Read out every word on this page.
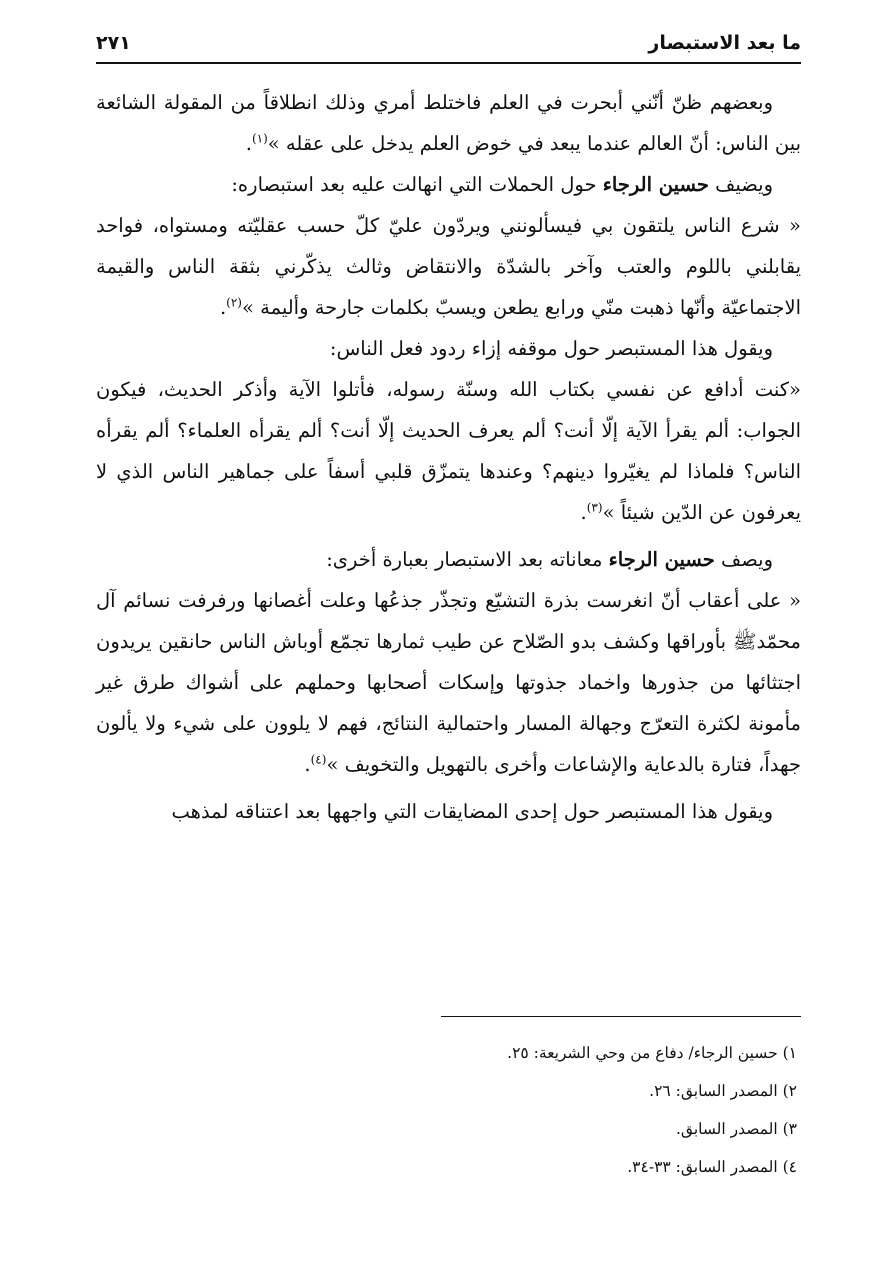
ما بعد الاستبصار
٢٧١

وبعضهم ظنّ أنّني أبحرت في العلم فاختلط أمري وذلك انطلاقاً من المقولة الشائعة بين الناس: أنّ العالم عندما يبعد في خوض العلم يدخل على عقله »$^{(١)}$.

ويضيف حسين الرجاء حول الحملات التي انهالت عليه بعد استبصاره:

« شرع الناس يلتقون بي فيسألونني ويردّون عليّ كلّ حسب عقليّته ومستواه، فواحد يقابلني باللوم والعتب وآخر بالشدّة والانتقاض وثالث يذكّرني بثقة الناس والقيمة الاجتماعيّة وأنّها ذهبت منّي ورابع يطعن ويسبّ بكلمات جارحة وأليمة »$^{(٢)}$.

ويقول هذا المستبصر حول موقفه إزاء ردود فعل الناس:

«كنت أدافع عن نفسي بكتاب الله وسنّة رسوله، فأتلوا الآية وأذكر الحديث، فيكون الجواب: ألم يقرأ الآية إلّا أنت؟ ألم يعرف الحديث إلّا أنت؟ ألم يقرأه العلماء؟ ألم يقرأه الناس؟ فلماذا لم يغيّروا دينهم؟ وعندها يتمزّق قلبي أسفاً على جماهير الناس الذي لا يعرفون عن الدّين شيئاً »$^{(٣)}$.

ويصف حسين الرجاء معاناته بعد الاستبصار بعبارة أخرى:

« على أعقاب أنّ انغرست بذرة التشيّع وتجذّر جذعُها وعلت أغصانها ورفرفت نسائم آل محمّدﷺ بأوراقها وكشف بدو الصّلاح عن طيب ثمارها تجمّع أوباش الناس حانقين يريدون اجتثائها من جذورها واخماد جذوتها وإسكات أصحابها وحملهم على أشواك طرق غير مأمونة لكثرة التعرّج وجهالة المسار واحتمالية النتائج، فهم لا يلوون على شيء ولا يألون جهداً، فتارة بالدعاية والإشاعات وأخرى بالتهويل والتخويف »$^{(٤)}$.

ويقول هذا المستبصر حول إحدى المضايقات التي واجهها بعد اعتناقه لمذهب

١) حسين الرجاء/ دفاع من وحي الشريعة: ٢٥.
٢) المصدر السابق: ٢٦.
٣) المصدر السابق.
٤) المصدر السابق: ٣٣-٣٤.
